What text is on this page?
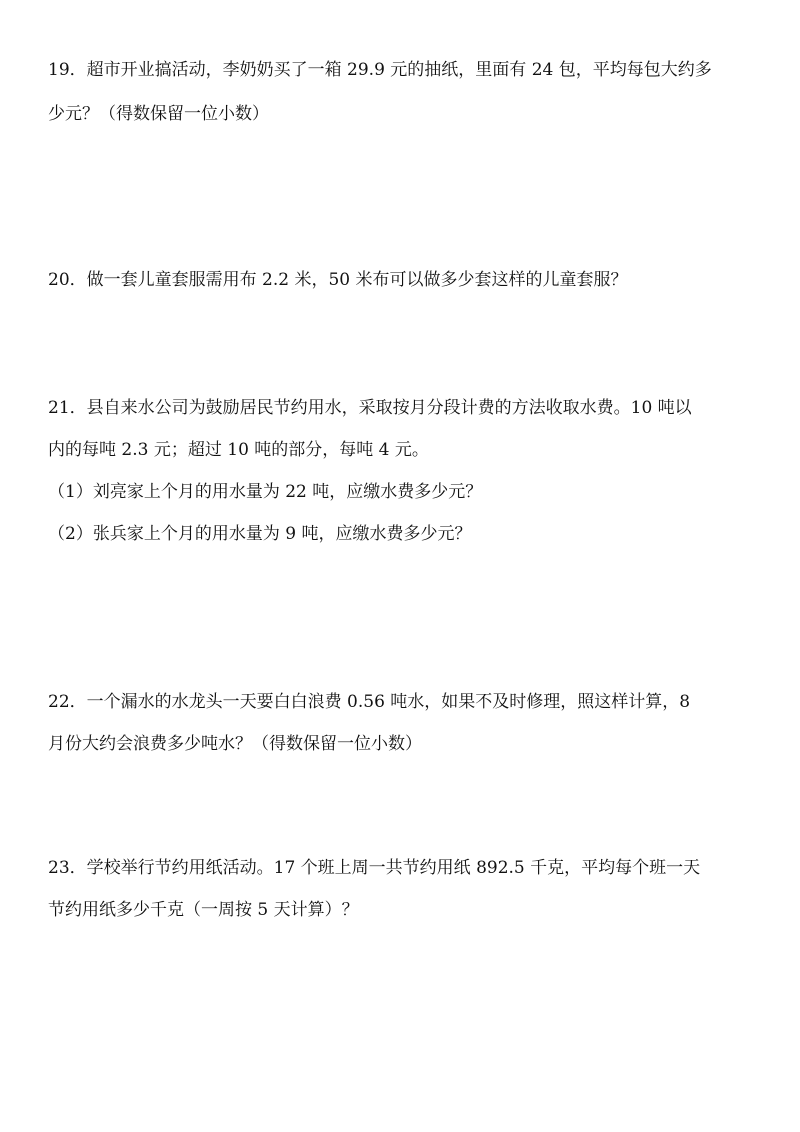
19．超市开业搞活动，李奶奶买了一箱 29.9 元的抽纸，里面有 24 包，平均每包大约多
少元？（得数保留一位小数）
20．做一套儿童套服需用布 2.2 米，50 米布可以做多少套这样的儿童套服？
21．县自来水公司为鼓励居民节约用水，采取按月分段计费的方法收取水费。10 吨以
内的每吨 2.3 元；超过 10 吨的部分，每吨 4 元。
（1）刘亮家上个月的用水量为 22 吨，应缴水费多少元？
（2）张兵家上个月的用水量为 9 吨，应缴水费多少元？
22．一个漏水的水龙头一天要白白浪费 0.56 吨水，如果不及时修理，照这样计算，8
月份大约会浪费多少吨水？（得数保留一位小数）
23．学校举行节约用纸活动。17 个班上周一共节约用纸 892.5 千克，平均每个班一天
节约用纸多少千克（一周按 5 天计算）？
